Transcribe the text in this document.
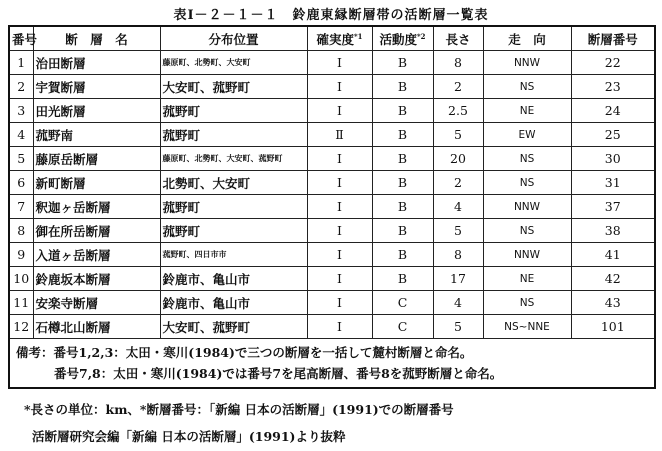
表Ⅰ－２－１－１　鈴鹿東縁断層帯の活断層一覧表
番号	断　層　名	分布位置	確実度$^{*1}$	活動度$^{*2}$	長さ	走　向	断層番号
1	治田断層	藤原町、北勢町、大安町	Ⅰ	B	8	NNW	22
2	宇賀断層	大安町、菰野町	Ⅰ	B	2	NS	23
3	田光断層	菰野町	Ⅰ	B	2.5	NE	24
4	菰野南	菰野町	Ⅱ	B	5	EW	25
5	藤原岳断層	藤原町、北勢町、大安町、菰野町	Ⅰ	B	20	NS	30
6	新町断層	北勢町、大安町	Ⅰ	B	2	NS	31
7	釈迦ヶ岳断層	菰野町	Ⅰ	B	4	NNW	37
8	御在所岳断層	菰野町	Ⅰ	B	5	NS	38
9	入道ヶ岳断層	菰野町、四日市市	Ⅰ	B	8	NNW	41
10	鈴鹿坂本断層	鈴鹿市、亀山市	Ⅰ	B	17	NE	42
11	安楽寺断層	鈴鹿市、亀山市	Ⅰ	C	4	NS	43
12	石樽北山断層	大安町、菰野町	Ⅰ	C	5	NS~NNE	101

備考：番号1,2,3：太田・寒川(1984)で三つの断層を一括して麓村断層と命名。
番号7,8：太田・寒川(1984)では番号7を尾高断層、番号8を菰野断層と命名。							
*長さの単位：km、*断層番号：「新編 日本の活断層」(1991)での断層番号
活断層研究会編「新編 日本の活断層」(1991)より抜粋
